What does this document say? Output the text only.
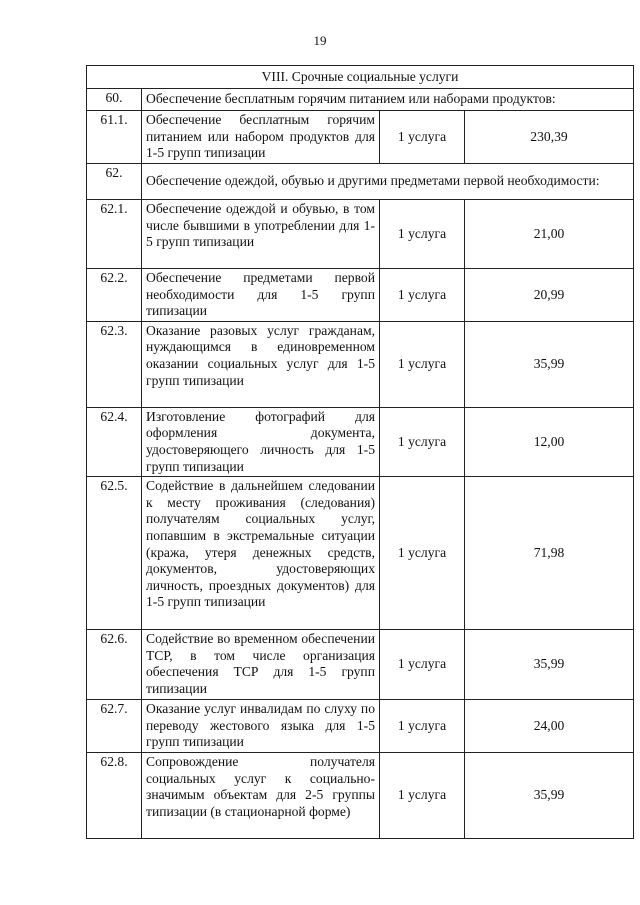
19
VIII. Срочные социальные услуги			
60.	Обеспечение бесплатным горячим питанием или наборами продуктов:		
61.1.	Обеспечение бесплатным горячим питанием или набором продуктов для 1-5 групп типизации	1 услуга	230,39
62.	Обеспечение одеждой, обувью и другими предметами первой необходимости:		
62.1.	Обеспечение одеждой и обувью, в том числе бывшими в употреблении для 1-5 групп типизации	1 услуга	21,00
62.2.	Обеспечение предметами первой необходимости для 1-5 групп типизации	1 услуга	20,99
62.3.	Оказание разовых услуг гражданам, нуждающимся в единовременном оказании социальных услуг для 1-5 групп типизации	1 услуга	35,99
62.4.	Изготовление фотографий для оформления документа, удостоверяющего личность для 1-5 групп типизации	1 услуга	12,00
62.5.	Содействие в дальнейшем следовании к месту проживания (следования) получателям социальных услуг, попавшим в экстремальные ситуации (кража, утеря денежных средств, документов, удостоверяющих личность, проездных документов) для 1-5 групп типизации	1 услуга	71,98
62.6.	Содействие во временном обеспечении ТСР, в том числе организация обеспечения ТСР для 1-5 групп типизации	1 услуга	35,99
62.7.	Оказание услуг инвалидам по слуху по переводу жестового языка для 1-5 групп типизации	1 услуга	24,00
62.8.	Сопровождение получателя социальных услуг к социально-значимым объектам для 2-5 группы типизации (в стационарной форме)	1 услуга	35,99
